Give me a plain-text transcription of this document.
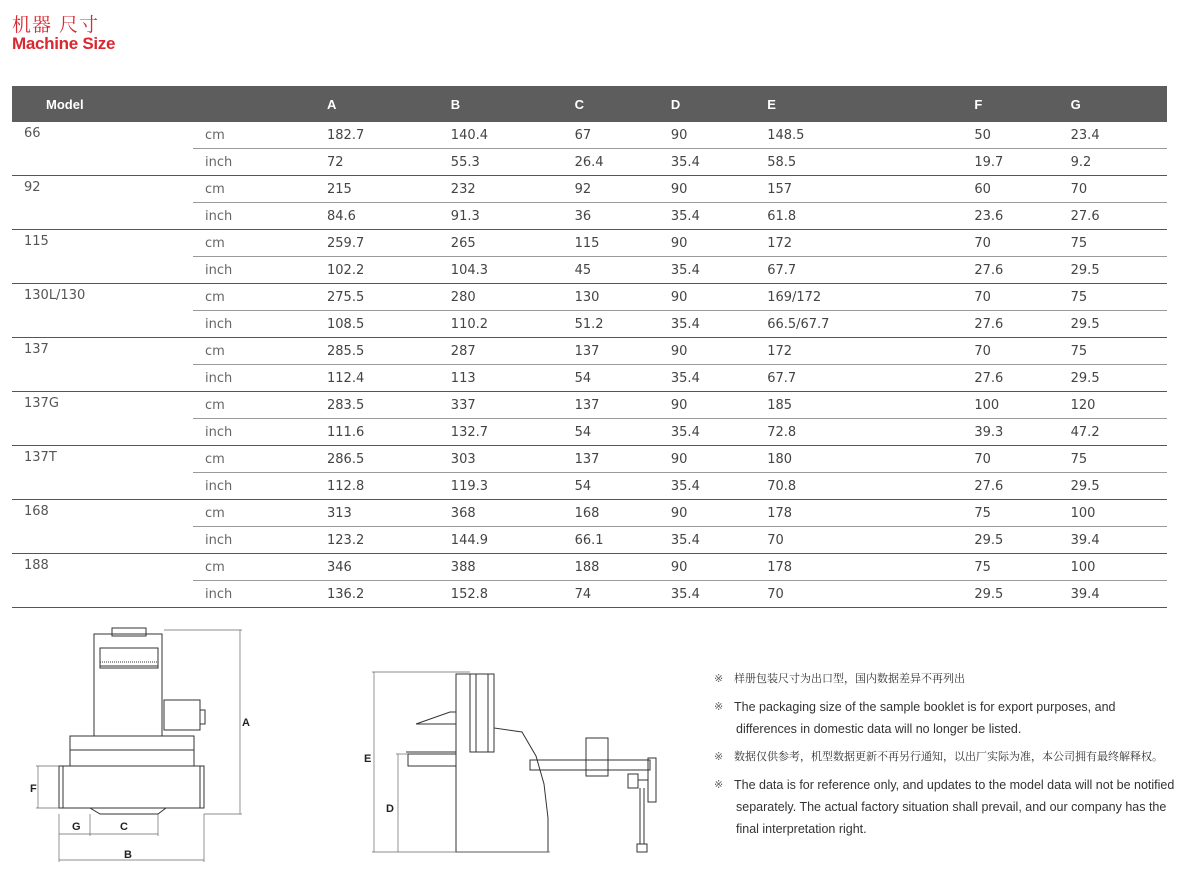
机器 尺寸
Machine Size
Model		A	B	C	D	E	F	G
66	cm	182.7	140.4	67	90	148.5	50	23.4
	inch	72	55.3	26.4	35.4	58.5	19.7	9.2
92	cm	215	232	92	90	157	60	70
	inch	84.6	91.3	36	35.4	61.8	23.6	27.6
115	cm	259.7	265	115	90	172	70	75
	inch	102.2	104.3	45	35.4	67.7	27.6	29.5
130L/130	cm	275.5	280	130	90	169/172	70	75
	inch	108.5	110.2	51.2	35.4	66.5/67.7	27.6	29.5
137	cm	285.5	287	137	90	172	70	75
	inch	112.4	113	54	35.4	67.7	27.6	29.5
137G	cm	283.5	337	137	90	185	100	120
	inch	111.6	132.7	54	35.4	72.8	39.3	47.2
137T	cm	286.5	303	137	90	180	70	75
	inch	112.8	119.3	54	35.4	70.8	27.6	29.5
168	cm	313	368	168	90	178	75	100
	inch	123.2	144.9	66.1	35.4	70	29.5	39.4
188	cm	346	388	188	90	178	75	100
	inch	136.2	152.8	74	35.4	70	29.5	39.4
A
F
G	C
B
E
D
※ 样册包装尺寸为出口型，国内数据差异不再列出
※ The packaging size of the sample booklet is for export purposes, and
differences in domestic data will no longer be listed.
※ 数据仅供参考，机型数据更新不再另行通知，以出厂实际为准，本公司拥有最终解释权。
※ The data is for reference only, and updates to the model data will not be notified
separately. The actual factory situation shall prevail, and our company has the
final interpretation right.
